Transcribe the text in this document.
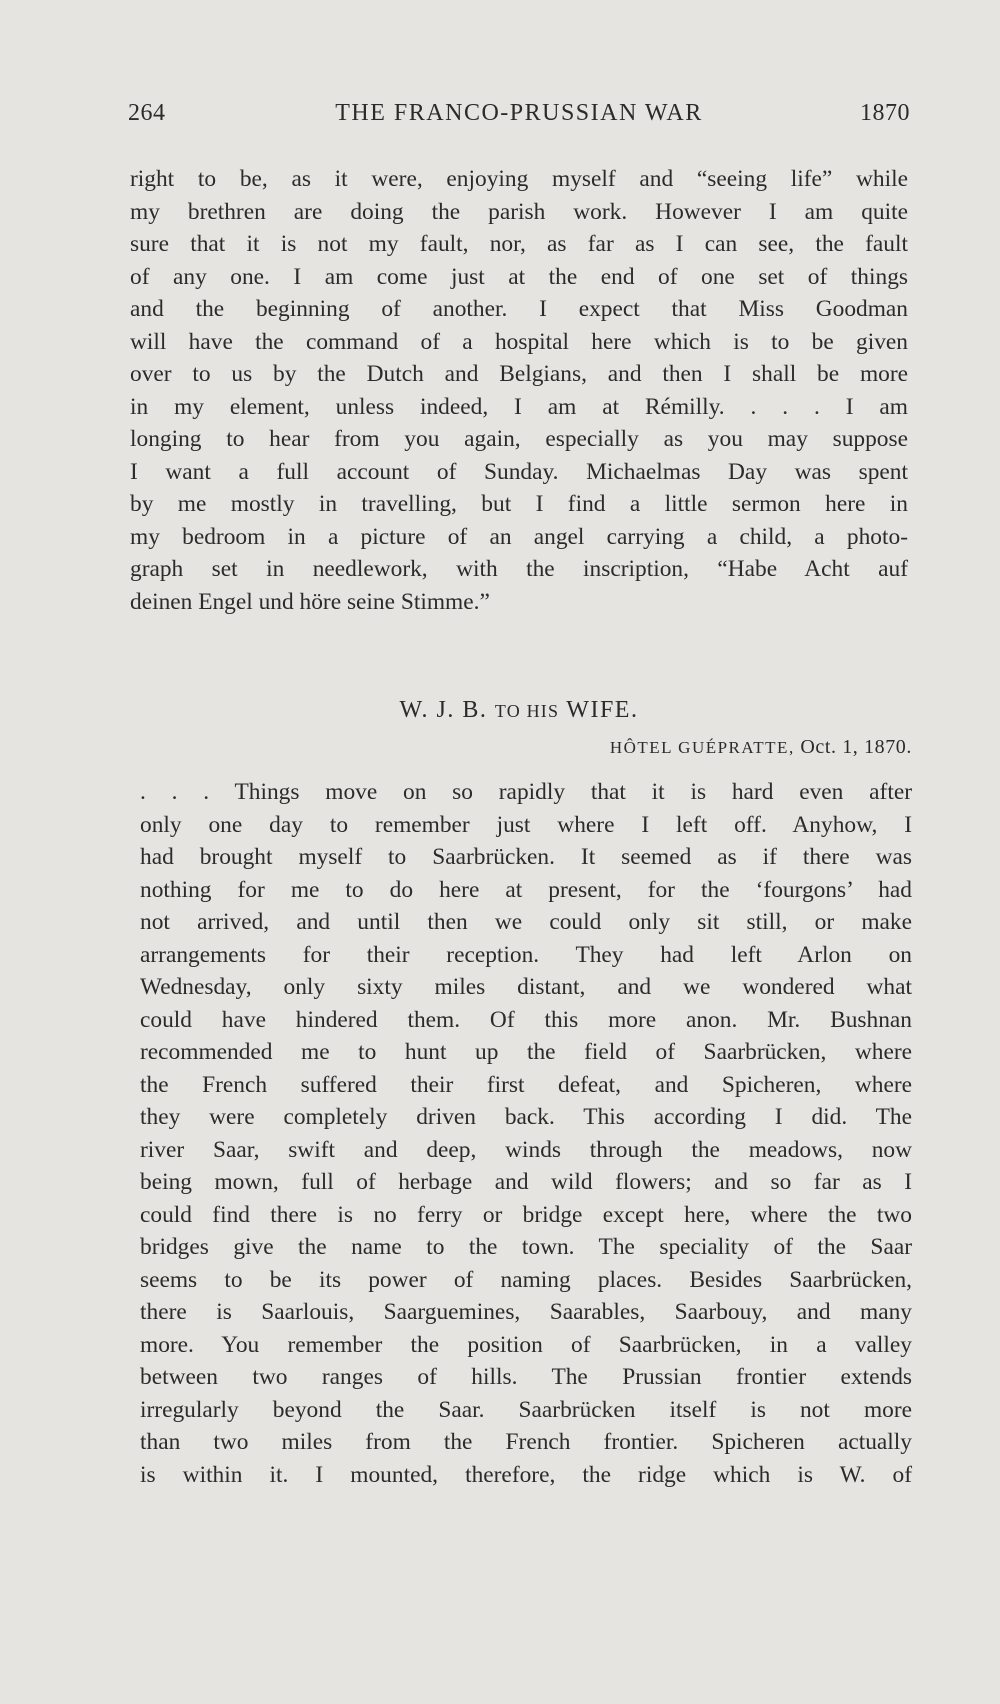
264	THE FRANCO-PRUSSIAN WAR	1870
right to be, as it were, enjoying myself and “seeing life” while
my brethren are doing the parish work. However I am quite
sure that it is not my fault, nor, as far as I can see, the fault
of any one. I am come just at the end of one set of things
and the beginning of another. I expect that Miss Goodman
will have the command of a hospital here which is to be given
over to us by the Dutch and Belgians, and then I shall be more
in my element, unless indeed, I am at Rémilly. . . . I am
longing to hear from you again, especially as you may suppose
I want a full account of Sunday. Michaelmas Day was spent
by me mostly in travelling, but I find a little sermon here in
my bedroom in a picture of an angel carrying a child, a photo-
graph set in needlework, with the inscription, “Habe Acht auf
deinen Engel und höre seine Stimme.”
W. J. B. TO HIS WIFE.
HÔTEL GUÉPRATTE, Oct. 1, 1870.
. . . Things move on so rapidly that it is hard even after
only one day to remember just where I left off. Anyhow, I
had brought myself to Saarbrücken. It seemed as if there was
nothing for me to do here at present, for the ‘fourgons’ had
not arrived, and until then we could only sit still, or make
arrangements for their reception. They had left Arlon on
Wednesday, only sixty miles distant, and we wondered what
could have hindered them. Of this more anon. Mr. Bushnan
recommended me to hunt up the field of Saarbrücken, where
the French suffered their first defeat, and Spicheren, where
they were completely driven back. This according I did. The
river Saar, swift and deep, winds through the meadows, now
being mown, full of herbage and wild flowers; and so far as I
could find there is no ferry or bridge except here, where the two
bridges give the name to the town. The speciality of the Saar
seems to be its power of naming places. Besides Saarbrücken,
there is Saarlouis, Saarguemines, Saarables, Saarbouy, and many
more. You remember the position of Saarbrücken, in a valley
between two ranges of hills. The Prussian frontier extends
irregularly beyond the Saar. Saarbrücken itself is not more
than two miles from the French frontier. Spicheren actually
is within it. I mounted, therefore, the ridge which is W. of
